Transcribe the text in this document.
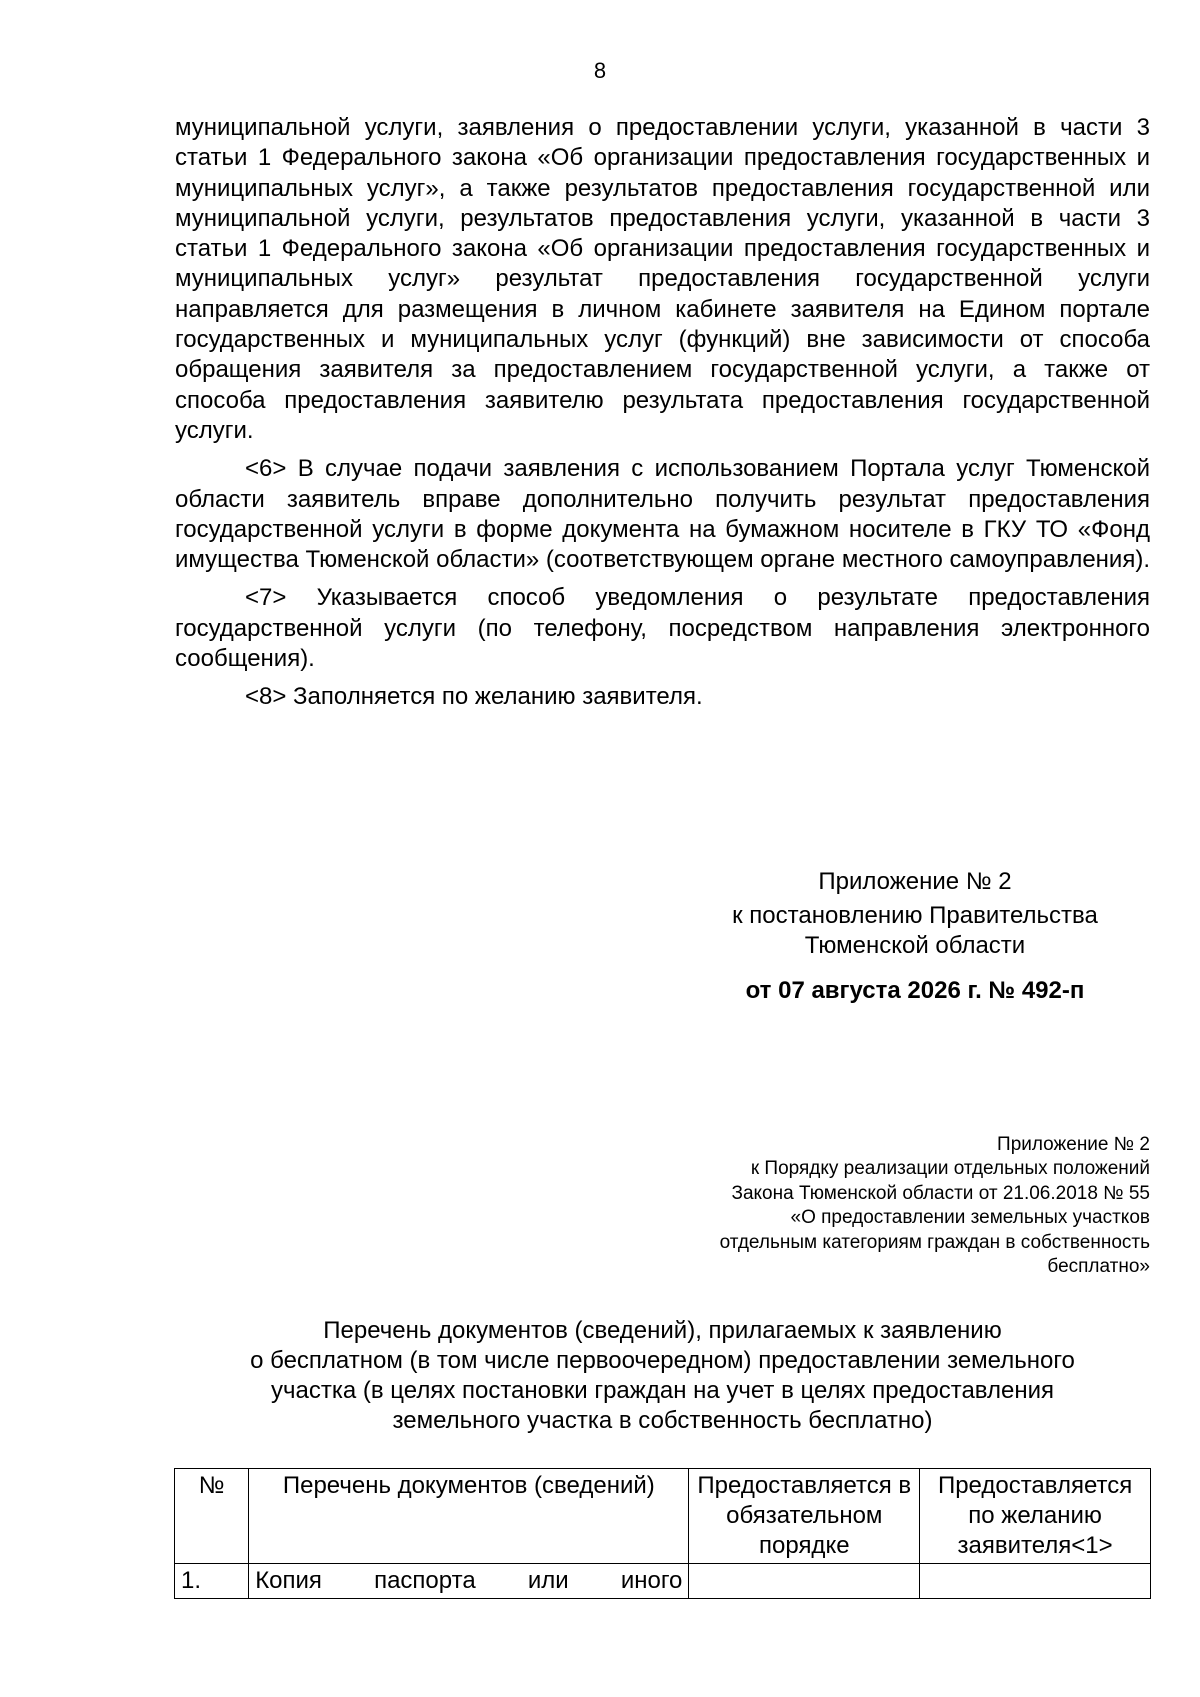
8

муниципальной услуги, заявления о предоставлении услуги, указанной в части 3 статьи 1 Федерального закона «Об организации предоставления государственных и муниципальных услуг», а также результатов предоставления государственной или муниципальной услуги, результатов предоставления услуги, указанной в части 3 статьи 1 Федерального закона «Об организации предоставления государственных и муниципальных услуг» результат предоставления государственной услуги направляется для размещения в личном кабинете заявителя на Едином портале государственных и муниципальных услуг (функций) вне зависимости от способа обращения заявителя за предоставлением государственной услуги, а также от способа предоставления заявителю результата предоставления государственной услуги.

<6> В случае подачи заявления с использованием Портала услуг Тюменской области заявитель вправе дополнительно получить результат предоставления государственной услуги в форме документа на бумажном носителе в ГКУ ТО «Фонд имущества Тюменской области» (соответствующем органе местного самоуправления).

<7> Указывается способ уведомления о результате предоставления государственной услуги (по телефону, посредством направления электронного сообщения).

<8> Заполняется по желанию заявителя.

Приложение № 2
к постановлению Правительства
Тюменской области
от 07 августа 2026 г. № 492-п
Приложение № 2
к Порядку реализации отдельных положений
Закона Тюменской области от 21.06.2018 № 55
«О предоставлении земельных участков
отдельным категориям граждан в собственность
бесплатно»
Перечень документов (сведений), прилагаемых к заявлению
о бесплатном (в том числе первоочередном) предоставлении земельного
участка (в целях постановки граждан на учет в целях предоставления
земельного участка в собственность бесплатно)
№	Перечень документов (сведений)	Предоставляется в обязательном порядке	Предоставляется по желанию заявителя<1>
1.	Копия паспорта или иного		
